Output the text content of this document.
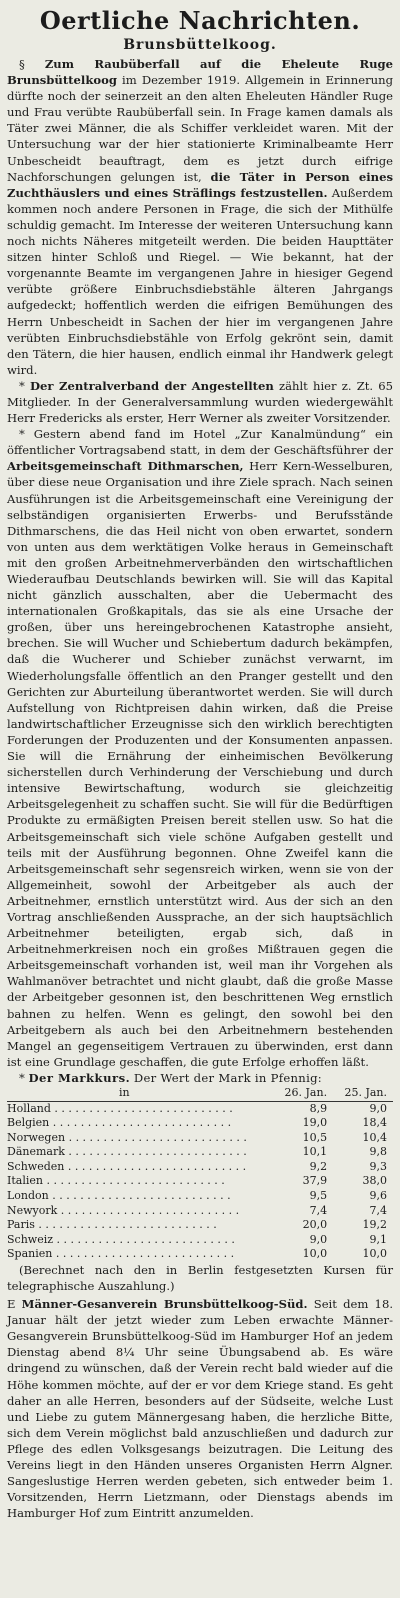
Oertliche Nachrichten.
Brunsbüttelkoog.

§ Zum Raubüberfall auf die Eheleute Ruge Brunsbüttelkoog im Dezember 1919. Allgemein in Erinnerung dürfte noch der seinerzeit an den alten Eheleuten Händler Ruge und Frau verübte Raubüberfall sein. In Frage kamen damals als Täter zwei Männer, die als Schiffer verkleidet waren. Mit der Untersuchung war der hier stationierte Kriminalbeamte Herr Unbescheidt beauftragt, dem es jetzt durch eifrige Nachforschungen gelungen ist, die Täter in Person eines Zuchthäuslers und eines Sträflings festzustellen. Außerdem kommen noch andere Personen in Frage, die sich der Mithülfe schuldig gemacht. Im Interesse der weiteren Untersuchung kann noch nichts Näheres mitgeteilt werden. Die beiden Haupttäter sitzen hinter Schloß und Riegel. — Wie bekannt, hat der vorgenannte Beamte im vergangenen Jahre in hiesiger Gegend verübte größere Einbruchsdiebstähle älteren Jahrgangs aufgedeckt; hoffentlich werden die eifrigen Bemühungen des Herrn Unbescheidt in Sachen der hier im vergangenen Jahre verübten Einbruchsdiebstähle von Erfolg gekrönt sein, damit den Tätern, die hier hausen, endlich einmal ihr Handwerk gelegt wird.

* Der Zentralverband der Angestellten zählt hier z. Zt. 65 Mitglieder. In der Generalversammlung wurden wiedergewählt Herr Fredericks als erster, Herr Werner als zweiter Vorsitzender.

* Gestern abend fand im Hotel „Zur Kanalmündung“ ein öffentlicher Vortragsabend statt, in dem der Geschäftsführer der Arbeitsgemeinschaft Dithmarschen, Herr Kern-Wesselburen, über diese neue Organisation und ihre Ziele sprach. Nach seinen Ausführungen ist die Arbeitsgemeinschaft eine Vereinigung der selbständigen organisierten Erwerbs- und Berufsstände Dithmarschens, die das Heil nicht von oben erwartet, sondern von unten aus dem werktätigen Volke heraus in Gemeinschaft mit den großen Arbeitnehmerverbänden den wirtschaftlichen Wiederaufbau Deutschlands bewirken will. Sie will das Kapital nicht gänzlich ausschalten, aber die Uebermacht des internationalen Großkapitals, das sie als eine Ursache der großen, über uns hereingebrochenen Katastrophe ansieht, brechen. Sie will Wucher und Schiebertum dadurch bekämpfen, daß die Wucherer und Schieber zunächst verwarnt, im Wiederholungsfalle öffentlich an den Pranger gestellt und den Gerichten zur Aburteilung überantwortet werden. Sie will durch Aufstellung von Richtpreisen dahin wirken, daß die Preise landwirtschaftlicher Erzeugnisse sich den wirklich berechtigten Forderungen der Produzenten und der Konsumenten anpassen. Sie will die Ernährung der einheimischen Bevölkerung sicherstellen durch Verhinderung der Verschiebung und durch intensive Bewirtschaftung, wodurch sie gleichzeitig Arbeitsgelegenheit zu schaffen sucht. Sie will für die Bedürftigen Produkte zu ermäßigten Preisen bereit stellen usw. So hat die Arbeitsgemeinschaft sich viele schöne Aufgaben gestellt und teils mit der Ausführung begonnen. Ohne Zweifel kann die Arbeitsgemeinschaft sehr segensreich wirken, wenn sie von der Allgemeinheit, sowohl der Arbeitgeber als auch der Arbeitnehmer, ernstlich unterstützt wird. Aus der sich an den Vortrag anschließenden Aussprache, an der sich hauptsächlich Arbeitnehmer beteiligten, ergab sich, daß in Arbeitnehmerkreisen noch ein großes Mißtrauen gegen die Arbeitsgemeinschaft vorhanden ist, weil man ihr Vorgehen als Wahlmanöver betrachtet und nicht glaubt, daß die große Masse der Arbeitgeber gesonnen ist, den beschrittenen Weg ernstlich bahnen zu helfen. Wenn es gelingt, den sowohl bei den Arbeitgebern als auch bei den Arbeitnehmern bestehenden Mangel an gegenseitigem Vertrauen zu überwinden, erst dann ist eine Grundlage geschaffen, die gute Erfolge erhoffen läßt.

* Der Markkurs. Der Wert der Mark in Pfennig:

in	26. Jan.	25. Jan.

Holland . . . . . . . . . . . . . . . . . . . . . . . . . .	8,9	9,0
Belgien . . . . . . . . . . . . . . . . . . . . . . . . . .	19,0	18,4
Norwegen . . . . . . . . . . . . . . . . . . . . . . . . . .	10,5	10,4
Dänemark . . . . . . . . . . . . . . . . . . . . . . . . . .	10,1	9,8
Schweden . . . . . . . . . . . . . . . . . . . . . . . . . .	9,2	9,3
Italien . . . . . . . . . . . . . . . . . . . . . . . . . .	37,9	38,0
London . . . . . . . . . . . . . . . . . . . . . . . . . .	9,5	9,6
Newyork . . . . . . . . . . . . . . . . . . . . . . . . . .	7,4	7,4
Paris . . . . . . . . . . . . . . . . . . . . . . . . . .	20,0	19,2
Schweiz . . . . . . . . . . . . . . . . . . . . . . . . . .	9,0	9,1
Spanien . . . . . . . . . . . . . . . . . . . . . . . . . .	10,0	10,0

(Berechnet nach den in Berlin festgesetzten Kursen für telegraphische Auszahlung.)

E Männer-Gesanverein Brunsbüttelkoog-Süd. Seit dem 18. Januar hält der jetzt wieder zum Leben erwachte Männer-Gesangverein Brunsbüttelkoog-Süd im Hamburger Hof an jedem Dienstag abend 8¼ Uhr seine Übungsabend ab. Es wäre dringend zu wünschen, daß der Verein recht bald wieder auf die Höhe kommen möchte, auf der er vor dem Kriege stand. Es geht daher an alle Herren, besonders auf der Südseite, welche Lust und Liebe zu gutem Männergesang haben, die herzliche Bitte, sich dem Verein möglichst bald anzuschließen und dadurch zur Pflege des edlen Volksgesangs beizutragen. Die Leitung des Vereins liegt in den Händen unseres Organisten Herrn Algner. Sangeslustige Herren werden gebeten, sich entweder beim 1. Vorsitzenden, Herrn Lietzmann, oder Dienstags abends im Hamburger Hof zum Eintritt anzumelden.
